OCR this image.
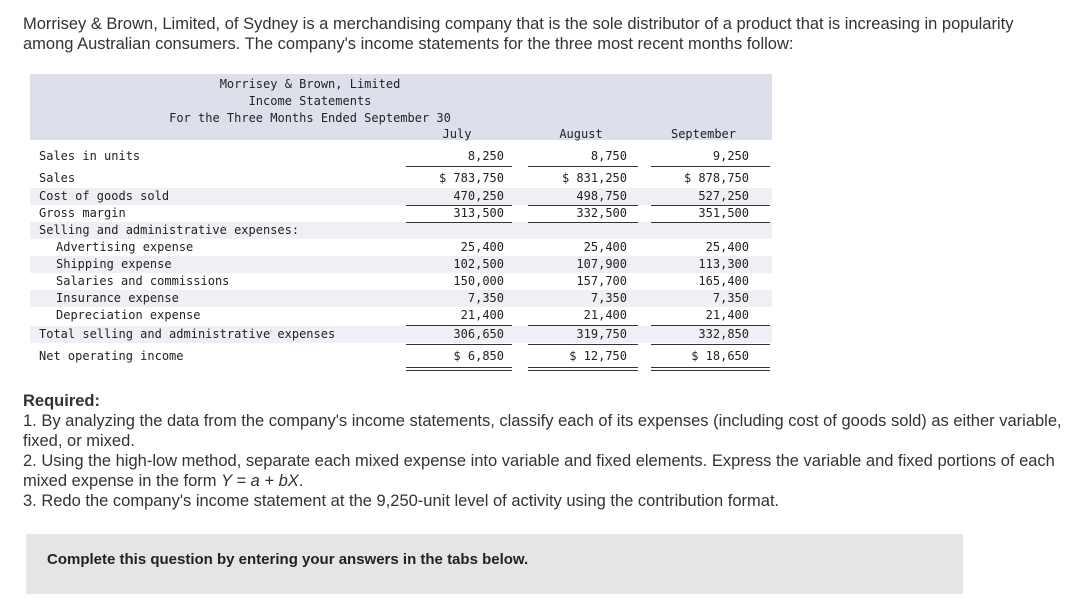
Morrisey & Brown, Limited, of Sydney is a merchandising company that is the sole distributor of a product that is increasing in popularity among Australian consumers. The company's income statements for the three most recent months follow:
Morrisey & Brown, Limited
Income Statements
For the Three Months Ended September 30
July	August	September
Sales in units	8,250	8,750	9,250
Sales	$ 783,750	$ 831,250	$ 878,750
Cost of goods sold	470,250	498,750	527,250
Gross margin	313,500	332,500	351,500
Selling and administrative expenses:
Advertising expense	25,400	25,400	25,400
Shipping expense	102,500	107,900	113,300
Salaries and commissions	150,000	157,700	165,400
Insurance expense	7,350	7,350	7,350
Depreciation expense	21,400	21,400	21,400
Total selling and administrative expenses	306,650	319,750	332,850
Net operating income	$ 6,850	$ 12,750	$ 18,650

Required:

1. By analyzing the data from the company's income statements, classify each of its expenses (including cost of goods sold) as either variable, fixed, or mixed.

2. Using the high-low method, separate each mixed expense into variable and fixed elements. Express the variable and fixed portions of each mixed expense in the form Y = a + bX.

3. Redo the company's income statement at the 9,250-unit level of activity using the contribution format.

Complete this question by entering your answers in the tabs below.
